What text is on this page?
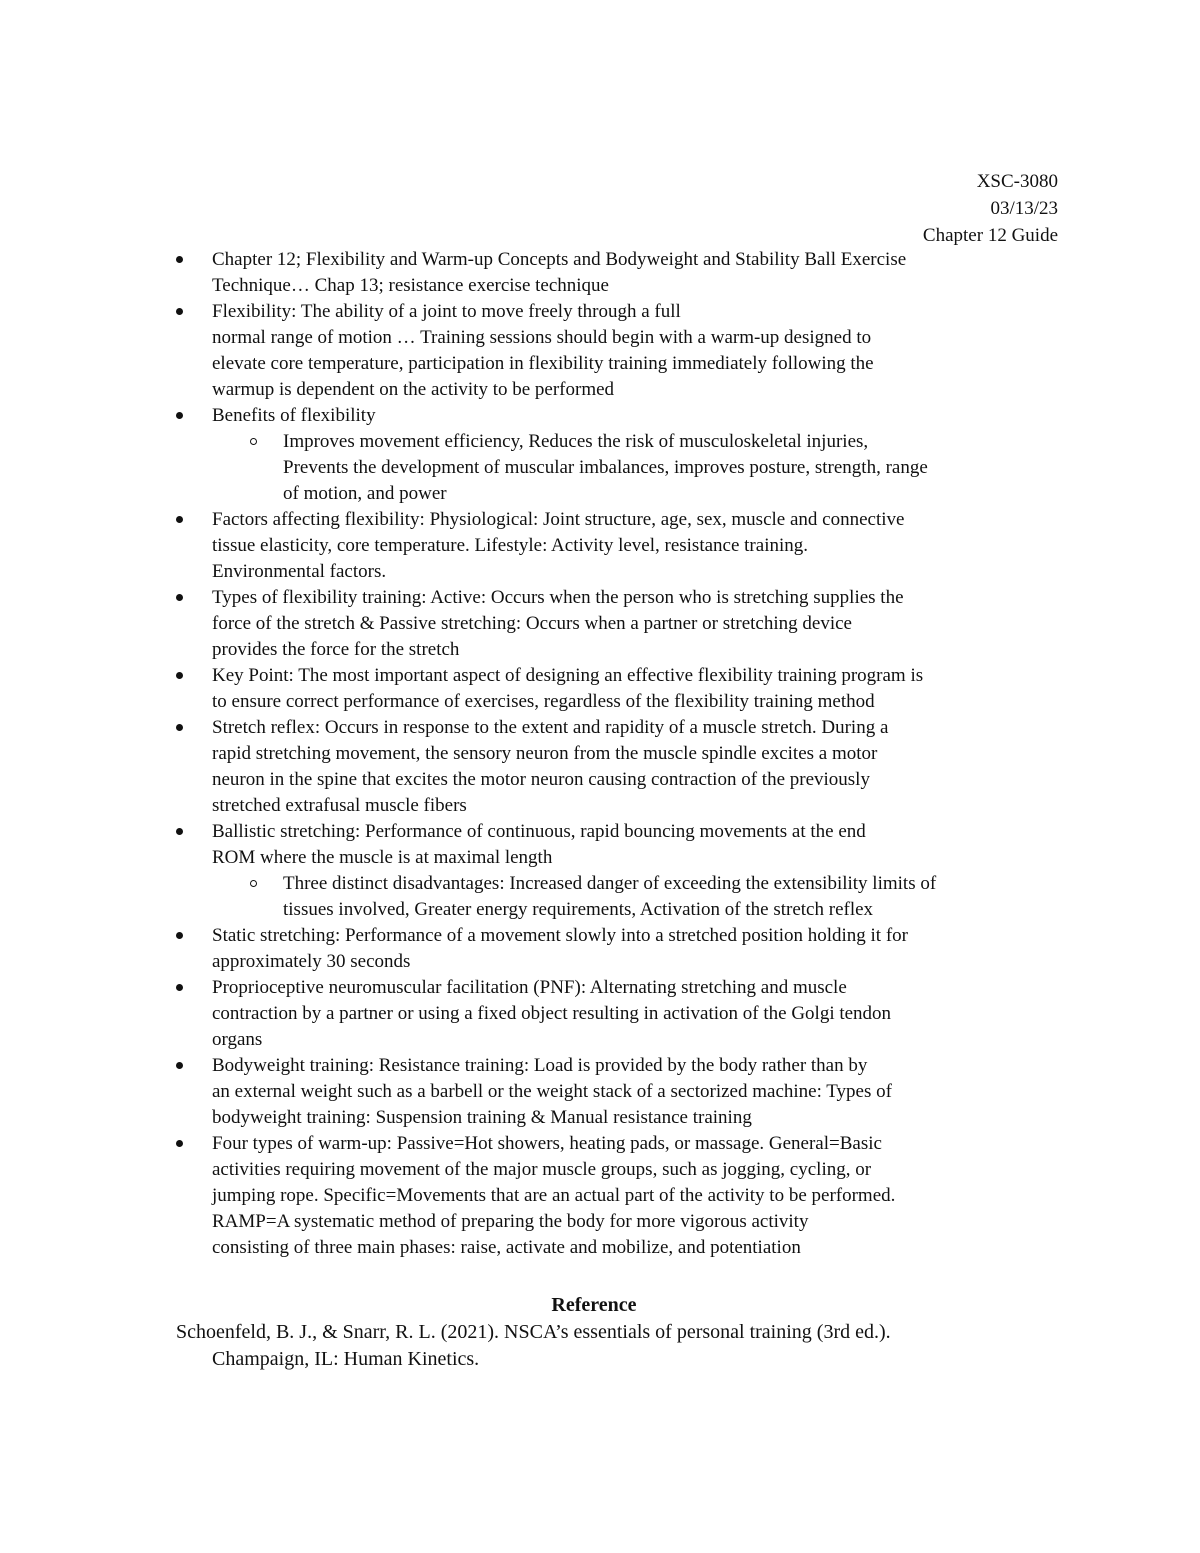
XSC-3080
03/13/23
Chapter 12 Guide
Chapter 12; Flexibility and Warm-up Concepts and Bodyweight and Stability Ball Exercise
Technique… Chap 13; resistance exercise technique
Flexibility: The ability of a joint to move freely through a full
normal range of motion … Training sessions should begin with a warm-up designed to
elevate core temperature, participation in flexibility training immediately following the
warmup is dependent on the activity to be performed
Benefits of flexibility
Improves movement efficiency, Reduces the risk of musculoskeletal injuries,
Prevents the development of muscular imbalances, improves posture, strength, range
of motion, and power
Factors affecting flexibility: Physiological: Joint structure, age, sex, muscle and connective
tissue elasticity, core temperature. Lifestyle: Activity level, resistance training.
Environmental factors.
Types of flexibility training: Active: Occurs when the person who is stretching supplies the
force of the stretch & Passive stretching: Occurs when a partner or stretching device
provides the force for the stretch
Key Point: The most important aspect of designing an effective flexibility training program is
to ensure correct performance of exercises, regardless of the flexibility training method
Stretch reflex: Occurs in response to the extent and rapidity of a muscle stretch. During a
rapid stretching movement, the sensory neuron from the muscle spindle excites a motor
neuron in the spine that excites the motor neuron causing contraction of the previously
stretched extrafusal muscle fibers
Ballistic stretching: Performance of continuous, rapid bouncing movements at the end
ROM where the muscle is at maximal length
Three distinct disadvantages: Increased danger of exceeding the extensibility limits of
tissues involved, Greater energy requirements, Activation of the stretch reflex
Static stretching: Performance of a movement slowly into a stretched position holding it for
approximately 30 seconds
Proprioceptive neuromuscular facilitation (PNF): Alternating stretching and muscle
contraction by a partner or using a fixed object resulting in activation of the Golgi tendon
organs
Bodyweight training: Resistance training: Load is provided by the body rather than by
an external weight such as a barbell or the weight stack of a sectorized machine: Types of
bodyweight training: Suspension training & Manual resistance training
Four types of warm-up: Passive=Hot showers, heating pads, or massage. General=Basic
activities requiring movement of the major muscle groups, such as jogging, cycling, or
jumping rope. Specific=Movements that are an actual part of the activity to be performed.
RAMP=A systematic method of preparing the body for more vigorous activity
consisting of three main phases: raise, activate and mobilize, and potentiation
Reference
Schoenfeld, B. J., & Snarr, R. L. (2021). NSCA’s essentials of personal training (3rd ed.).
Champaign, IL: Human Kinetics.
